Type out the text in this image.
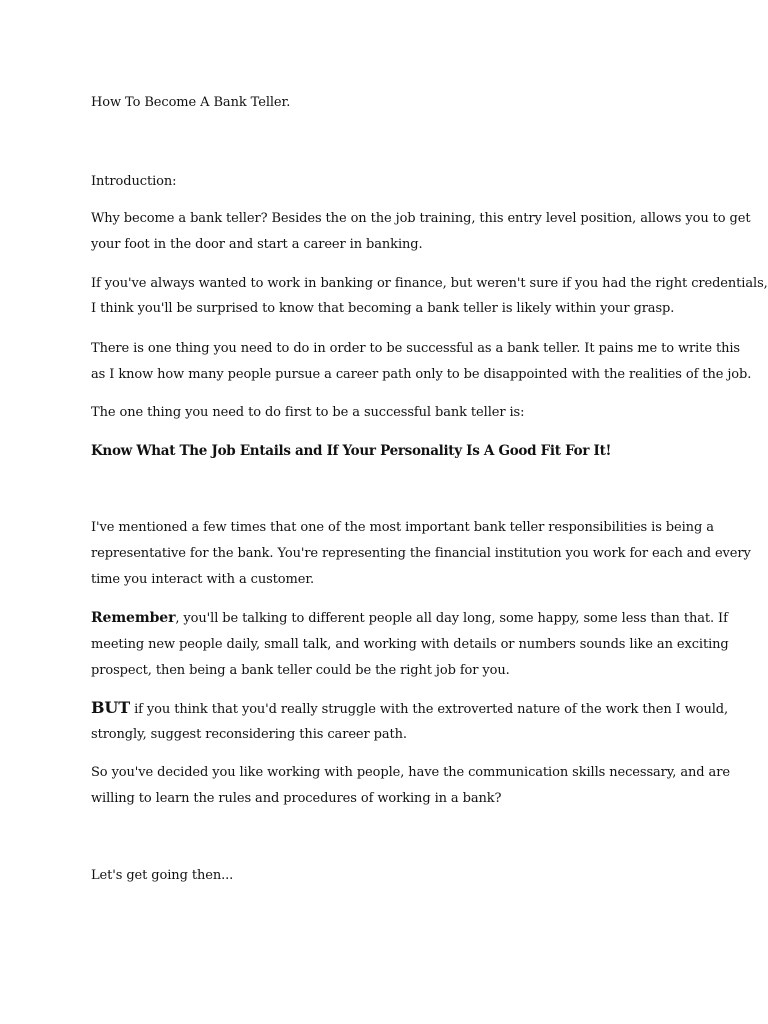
How To Become A Bank Teller.
Introduction:
Why become a bank teller? Besides the on the job training, this entry level position, allows you to get
your foot in the door and start a career in banking.
If you've always wanted to work in banking or finance, but weren't sure if you had the right credentials,
I think you'll be surprised to know that becoming a bank teller is likely within your grasp.
There is one thing you need to do in order to be successful as a bank teller. It pains me to write this
as I know how many people pursue a career path only to be disappointed with the realities of the job.
The one thing you need to do first to be a successful bank teller is:
Know What The Job Entails and If Your Personality Is A Good Fit For It!
I've mentioned a few times that one of the most important bank teller responsibilities is being a
representative for the bank. You're representing the financial institution you work for each and every
time you interact with a customer.
Remember, you'll be talking to different people all day long, some happy, some less than that. If
meeting new people daily, small talk, and working with details or numbers sounds like an exciting
prospect, then being a bank teller could be the right job for you.
BUT if you think that you'd really struggle with the extroverted nature of the work then I would,
strongly, suggest reconsidering this career path.
So you've decided you like working with people, have the communication skills necessary, and are
willing to learn the rules and procedures of working in a bank?
Let's get going then...
